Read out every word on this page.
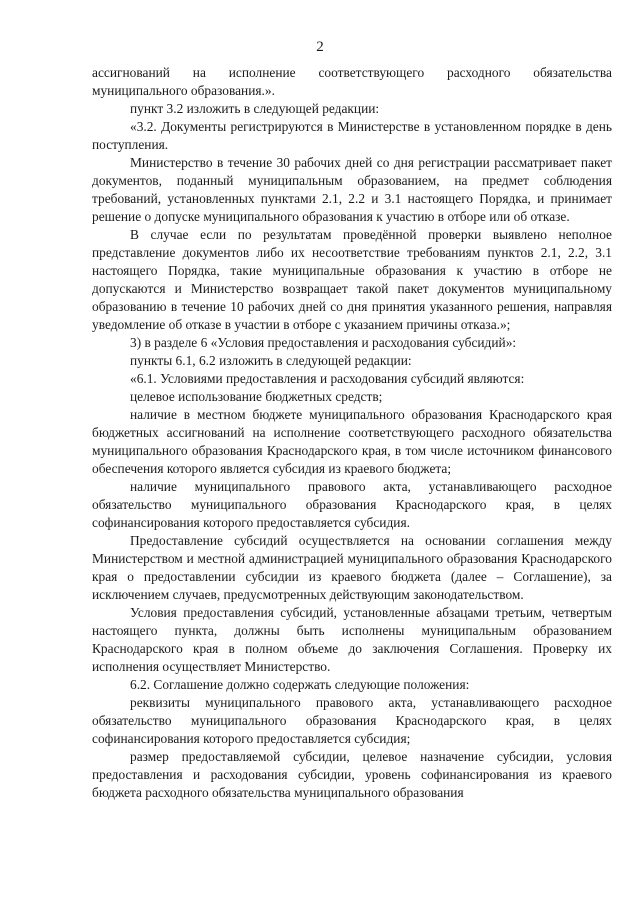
2

ассигнований на исполнение соответствующего расходного обязательства муниципального образования.».

пункт 3.2 изложить в следующей редакции:

«3.2. Документы регистрируются в Министерстве в установленном порядке в день поступления.

Министерство в течение 30 рабочих дней со дня регистрации рассматривает пакет документов, поданный муниципальным образованием, на предмет соблюдения требований, установленных пунктами 2.1, 2.2 и 3.1 настоящего Порядка, и принимает решение о допуске муниципального образования к участию в отборе или об отказе.

В случае если по результатам проведённой проверки выявлено неполное представление документов либо их несоответствие требованиям пунктов 2.1, 2.2, 3.1 настоящего Порядка, такие муниципальные образования к участию в отборе не допускаются и Министерство возвращает такой пакет документов муниципальному образованию в течение 10 рабочих дней со дня принятия указанного решения, направляя уведомление об отказе в участии в отборе с указанием причины отказа.»;

3) в разделе 6 «Условия предоставления и расходования субсидий»:

пункты 6.1, 6.2 изложить в следующей редакции:

«6.1. Условиями предоставления и расходования субсидий являются:

целевое использование бюджетных средств;

наличие в местном бюджете муниципального образования Краснодарского края бюджетных ассигнований на исполнение соответствующего расходного обязательства муниципального образования Краснодарского края, в том числе источником финансового обеспечения которого является субсидия из краевого бюджета;

наличие муниципального правового акта, устанавливающего расходное обязательство муниципального образования Краснодарского края, в целях софинансирования которого предоставляется субсидия.

Предоставление субсидий осуществляется на основании соглашения между Министерством и местной администрацией муниципального образования Краснодарского края о предоставлении субсидии из краевого бюджета (далее – Соглашение), за исключением случаев, предусмотренных действующим законодательством.

Условия предоставления субсидий, установленные абзацами третьим, четвертым настоящего пункта, должны быть исполнены муниципальным образованием Краснодарского края в полном объеме до заключения Соглашения. Проверку их исполнения осуществляет Министерство.

6.2. Соглашение должно содержать следующие положения:

реквизиты муниципального правового акта, устанавливающего расходное обязательство муниципального образования Краснодарского края, в целях софинансирования которого предоставляется субсидия;

размер предоставляемой субсидии, целевое назначение субсидии, условия предоставления и расходования субсидии, уровень софинансирования из краевого бюджета расходного обязательства муниципального образования
